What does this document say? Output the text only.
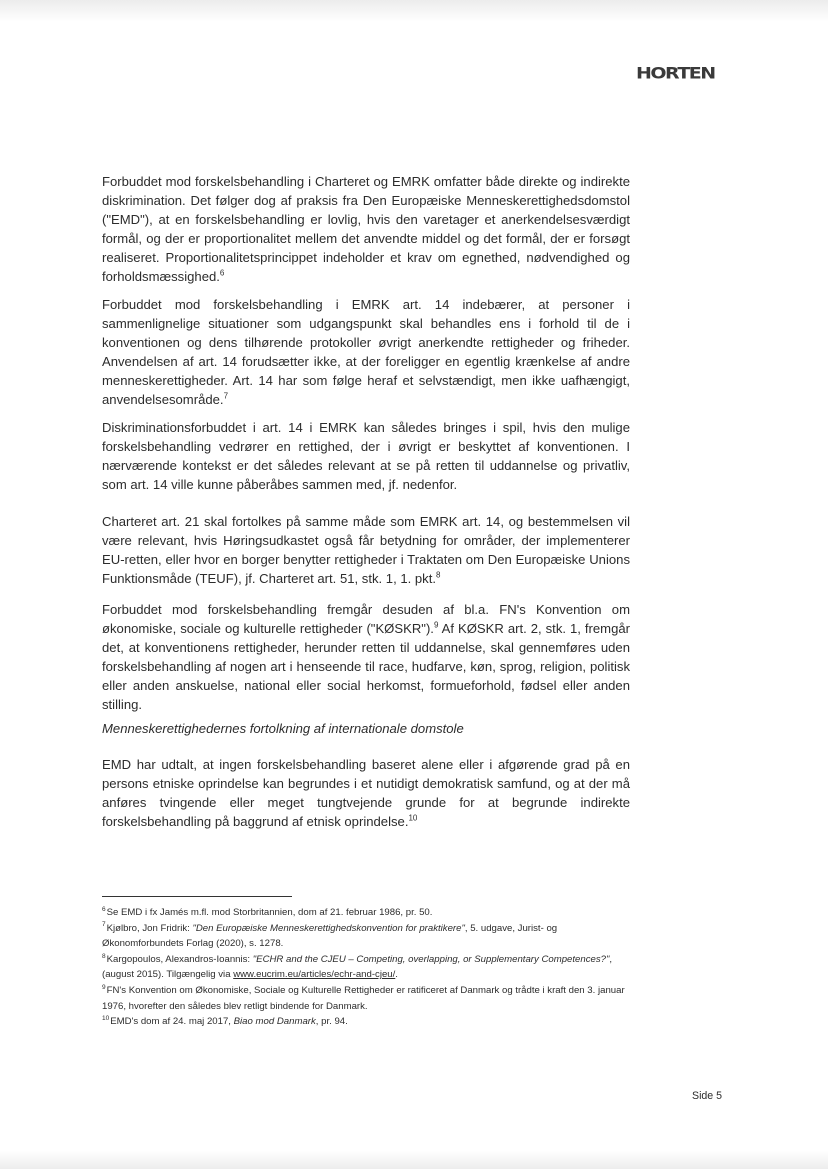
HORTEN

Forbuddet mod forskelsbehandling i Charteret og EMRK omfatter både direkte og indirekte diskrimination. Det følger dog af praksis fra Den Europæiske Menneskerettighedsdomstol ("EMD"), at en forskelsbehandling er lovlig, hvis den varetager et anerkendelsesværdigt formål, og der er proportionalitet mellem det anvendte middel og det formål, der er forsøgt realiseret. Proportionalitetsprincippet indeholder et krav om egnethed, nødvendighed og forholdsmæssighed.$^6$

Forbuddet mod forskelsbehandling i EMRK art. 14 indebærer, at personer i sammenlignelige situationer som udgangspunkt skal behandles ens i forhold til de i konventionen og dens tilhørende protokoller øvrigt anerkendte rettigheder og friheder. Anvendelsen af art. 14 forudsætter ikke, at der foreligger en egentlig krænkelse af andre menneskerettigheder. Art. 14 har som følge heraf et selvstændigt, men ikke uafhængigt, anvendelsesområde.$^7$

Diskriminationsforbuddet i art. 14 i EMRK kan således bringes i spil, hvis den mulige forskelsbehandling vedrører en rettighed, der i øvrigt er beskyttet af konventionen. I nærværende kontekst er det således relevant at se på retten til uddannelse og privatliv, som art. 14 ville kunne påberåbes sammen med, jf. nedenfor.

Charteret art. 21 skal fortolkes på samme måde som EMRK art. 14, og bestemmelsen vil være relevant, hvis Høringsudkastet også får betydning for områder, der implementerer EU-retten, eller hvor en borger benytter rettigheder i Traktaten om Den Europæiske Unions Funktionsmåde (TEUF), jf. Charteret art. 51, stk. 1, 1. pkt.$^8$

Forbuddet mod forskelsbehandling fremgår desuden af bl.a. FN's Konvention om økonomiske, sociale og kulturelle rettigheder ("KØSKR").$^9$ Af KØSKR art. 2, stk. 1, fremgår det, at konventionens rettigheder, herunder retten til uddannelse, skal gennemføres uden forskelsbehandling af nogen art i henseende til race, hudfarve, køn, sprog, religion, politisk eller anden anskuelse, national eller social herkomst, formueforhold, fødsel eller anden stilling.

Menneskerettighedernes fortolkning af internationale domstole

EMD har udtalt, at ingen forskelsbehandling baseret alene eller i afgørende grad på en persons etniske oprindelse kan begrundes i et nutidigt demokratisk samfund, og at der må anføres tvingende eller meget tungtvejende grunde for at begrunde indirekte forskelsbehandling på baggrund af etnisk oprindelse.$^{10}$

$^6$Se EMD i fx Jamés m.fl. mod Storbritannien, dom af 21. februar 1986, pr. 50.

$^7$Kjølbro, Jon Fridrik: "Den Europæiske Menneskerettighedskonvention for praktikere", 5. udgave, Jurist- og Økonomforbundets Forlag (2020), s. 1278.

$^8$Kargopoulos, Alexandros-Ioannis: "ECHR and the CJEU – Competing, overlapping, or Supplementary Competences?", (august 2015). Tilgængelig via www.eucrim.eu/articles/echr-and-cjeu/.

$^9$FN's Konvention om Økonomiske, Sociale og Kulturelle Rettigheder er ratificeret af Danmark og trådte i kraft den 3. januar 1976, hvorefter den således blev retligt bindende for Danmark.

$^{10}$EMD's dom af 24. maj 2017, Biao mod Danmark, pr. 94.

Side 5
